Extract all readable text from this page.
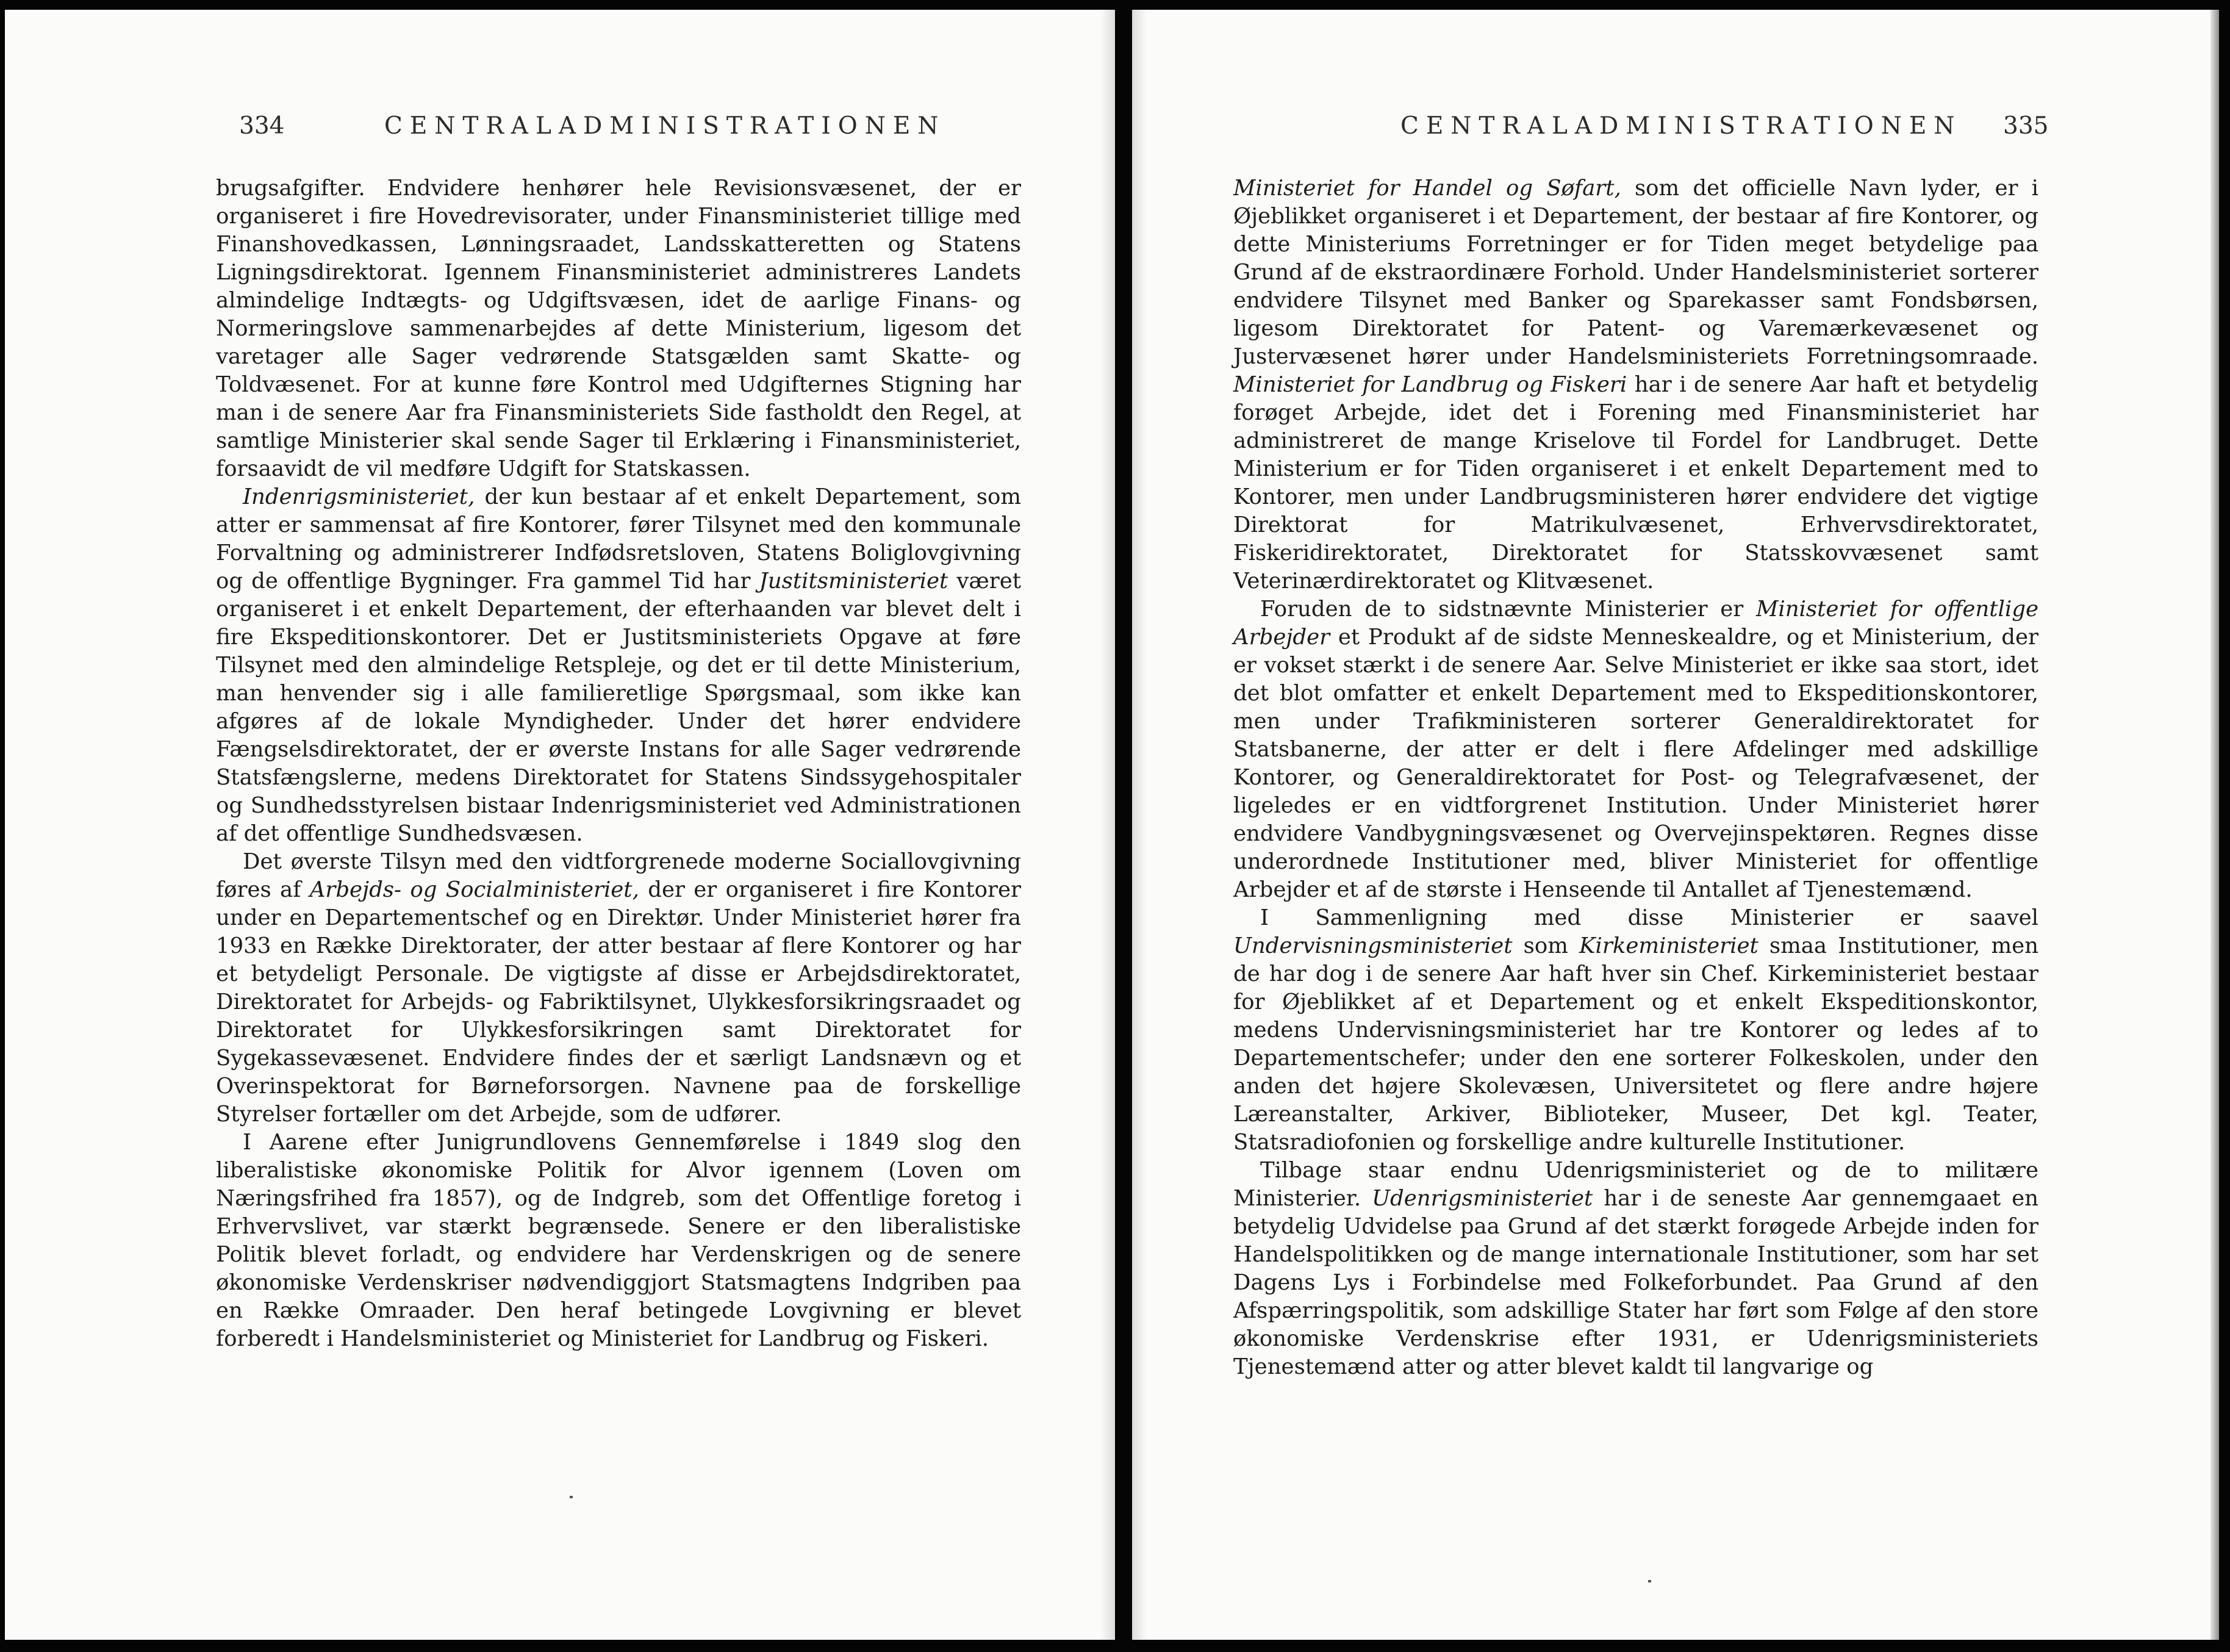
334	CENTRALADMINISTRATIONEN

brugsafgifter. Endvidere henhører hele Revisionsvæsenet, der er organiseret i fire Hovedrevisorater, under Finansministeriet tillige med Finanshovedkassen, Lønningsraadet, Landsskatteretten og Statens Ligningsdirektorat. Igennem Finansministeriet administreres Landets almindelige Indtægts- og Udgiftsvæsen, idet de aarlige Finans- og Normeringslove sammenarbejdes af dette Ministerium, ligesom det varetager alle Sager vedrørende Statsgælden samt Skatte- og Toldvæsenet. For at kunne føre Kontrol med Udgifternes Stigning har man i de senere Aar fra Finansministeriets Side fastholdt den Regel, at samtlige Ministerier skal sende Sager til Erklæring i Finansministeriet, forsaavidt de vil medføre Udgift for Statskassen.

Indenrigsministeriet, der kun bestaar af et enkelt Departement, som atter er sammensat af fire Kontorer, fører Tilsynet med den kommunale Forvaltning og administrerer Indfødsretsloven, Statens Boliglovgivning og de offentlige Bygninger. Fra gammel Tid har Justitsministeriet været organiseret i et enkelt Departement, der efterhaanden var blevet delt i fire Ekspeditionskontorer. Det er Justitsministeriets Opgave at føre Tilsynet med den almindelige Retspleje, og det er til dette Ministerium, man henvender sig i alle familieretlige Spørgsmaal, som ikke kan afgøres af de lokale Myndigheder. Under det hører endvidere Fængselsdirektoratet, der er øverste Instans for alle Sager vedrørende Statsfængslerne, medens Direktoratet for Statens Sindssygehospitaler og Sundhedsstyrelsen bistaar Indenrigsministeriet ved Administrationen af det offentlige Sundhedsvæsen.

Det øverste Tilsyn med den vidtforgrenede moderne Sociallovgivning føres af Arbejds- og Socialministeriet, der er organiseret i fire Kontorer under en Departementschef og en Direktør. Under Ministeriet hører fra 1933 en Række Direktorater, der atter bestaar af flere Kontorer og har et betydeligt Personale. De vigtigste af disse er Arbejdsdirektoratet, Direktoratet for Arbejds- og Fabriktilsynet, Ulykkesforsikringsraadet og Direktoratet for Ulykkesforsikringen samt Direktoratet for Sygekassevæsenet. Endvidere findes der et særligt Landsnævn og et Overinspektorat for Børneforsorgen. Navnene paa de forskellige Styrelser fortæller om det Arbejde, som de udfører.

I Aarene efter Junigrundlovens Gennemførelse i 1849 slog den liberalistiske økonomiske Politik for Alvor igennem (Loven om Næringsfrihed fra 1857), og de Indgreb, som det Offentlige foretog i Erhvervslivet, var stærkt begrænsede. Senere er den liberalistiske Politik blevet forladt, og endvidere har Verdenskrigen og de senere økonomiske Verdenskriser nødvendiggjort Statsmagtens Indgriben paa en Række Omraader. Den heraf betingede Lovgivning er blevet forberedt i Handelsministeriet og Ministeriet for Landbrug og Fiskeri.

CENTRALADMINISTRATIONEN 335

Ministeriet for Handel og Søfart, som det officielle Navn lyder, er i Øjeblikket organiseret i et Departement, der bestaar af fire Kontorer, og dette Ministeriums Forretninger er for Tiden meget betydelige paa Grund af de ekstraordinære Forhold. Under Handelsministeriet sorterer endvidere Tilsynet med Banker og Sparekasser samt Fondsbørsen, ligesom Direktoratet for Patent- og Varemærkevæsenet og Justervæsenet hører under Handelsministeriets Forretningsomraade. Ministeriet for Landbrug og Fiskeri har i de senere Aar haft et betydelig forøget Arbejde, idet det i Forening med Finansministeriet har administreret de mange Kriselove til Fordel for Landbruget. Dette Ministerium er for Tiden organiseret i et enkelt Departement med to Kontorer, men under Landbrugsministeren hører endvidere det vigtige Direktorat for Matrikulvæsenet, Erhvervsdirektoratet, Fiskeridirektoratet, Direktoratet for Statsskovvæsenet samt Veterinærdirektoratet og Klitvæsenet.

Foruden de to sidstnævnte Ministerier er Ministeriet for offentlige Arbejder et Produkt af de sidste Menneskealdre, og et Ministerium, der er vokset stærkt i de senere Aar. Selve Ministeriet er ikke saa stort, idet det blot omfatter et enkelt Departement med to Ekspeditionskontorer, men under Trafikministeren sorterer Generaldirektoratet for Statsbanerne, der atter er delt i flere Afdelinger med adskillige Kontorer, og Generaldirektoratet for Post- og Telegrafvæsenet, der ligeledes er en vidtforgrenet Institution. Under Ministeriet hører endvidere Vandbygningsvæsenet og Overvejinspektøren. Regnes disse underordnede Institutioner med, bliver Ministeriet for offentlige Arbejder et af de største i Henseende til Antallet af Tjenestemænd.

I Sammenligning med disse Ministerier er saavel Undervisningsministeriet som Kirkeministeriet smaa Institutioner, men de har dog i de senere Aar haft hver sin Chef. Kirkeministeriet bestaar for Øjeblikket af et Departement og et enkelt Ekspeditionskontor, medens Undervisningsministeriet har tre Kontorer og ledes af to Departementschefer; under den ene sorterer Folkeskolen, under den anden det højere Skolevæsen, Universitetet og flere andre højere Læreanstalter, Arkiver, Biblioteker, Museer, Det kgl. Teater, Statsradiofonien og forskellige andre kulturelle Institutioner.

Tilbage staar endnu Udenrigsministeriet og de to militære Ministerier. Udenrigsministeriet har i de seneste Aar gennemgaaet en betydelig Udvidelse paa Grund af det stærkt forøgede Arbejde inden for Handelspolitikken og de mange internationale Institutioner, som har set Dagens Lys i Forbindelse med Folkeforbundet. Paa Grund af den Afspærringspolitik, som adskillige Stater har ført som Følge af den store økonomiske Verdenskrise efter 1931, er Udenrigsministeriets Tjenestemænd atter og atter blevet kaldt til langvarige og
